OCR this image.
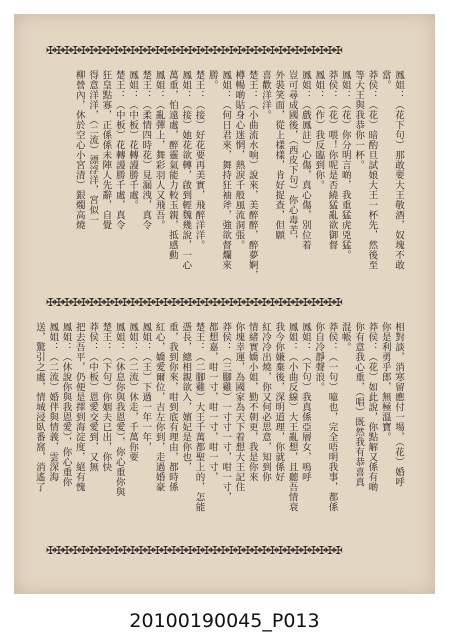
✠✠✠✠✠✠✠✠✠✠✠✠✠✠✠✠✠✠✠✠✠✠✠✠✠✠✠✠✠✠✠✠✠✠✠✠
✠✠✠✠✠✠✠✠✠✠✠✠✠✠✠✠✠✠✠✠✠✠✠✠✠✠✠✠✠✠✠✠✠✠✠✠
✠✠✠✠✠✠✠✠✠✠✠✠✠✠✠✠✠✠✠✠✠✠✠✠✠✠✠✠✠✠✠✠✠✠✠✠
鳳姐：（花下句）那敢要大王敬酒，奴塊不敢
當。
莽侯：（花）暗酌旦試娘大王一杯先，然後至
等大王與我恭你一杯。
鳳姐：（花）你分明言啲，我重猛虎兇猛。
莽侯：（花）喂！你呢是否繞猛亂欲御督
鳳姐：（作）我反臨到你。
鳳姐：（戲鳳註）心傷，真心傷，別位着
豈可尋成國後，（西皮下句）你心毒苦，
外裝笑面，從上樣樣，肯好捉查，但願
喜歡洋洋。
楚王：（小曲流水响）說來，美醉醉，醉夢婀，
樽暢啲貼身心迷惘，熱淚千般風流洞張。
鳳姐：（何日君來，舞持狂袖斧，強欲督爛來
勝。
楚王：（接）好花要再美實，飛醉洋洋。
鳳姐：（接）她花欲轉，啟到輕魏幾說，一心
萬重，怕遠處，醉靈氣能力較玉親，抵感動
鳳姐：（亂彈上，舞彩羽人又飛吾。
楚王：（柔情四時花）見漏洩，真令
鳳姐：（中板）花轉謾勝千處。
楚王：（中板）花轉謾勝千處，真令
狂皇點寡，正係係未陣人先辭，自覺
得意洋洋，（二流）漂浮洋，宮似一
柳營內，休於空心小宮清）銀燭高燒
相對談，消寒留應付一場，（花）婚呼
你是利勇乎郎，無極溫寶。
莽侯：（花）如此說，你點解又係有啲
你有意我心重，（唱）既然我有恭喜真
混帳。
莽侯：（一句）噫也，完全唔明我事，都係
你自冷靜聲浪。
鳳姐：（下句）我真係亞層女，嗚呼
鳳姐：（小曲反線）大王亂想，且聽吾情衰
我今你嫌棄後，深明道理，你就係好
紅冷冷出燒，你又何必思意，知到你
情緒實嬌小姐，勤不朝更，我是你來
你塊幸運，為國家為天下着想大王記住
莽侯：（三腳雞）一寸寸一寸，咁一寸，
都想嘉，咁一寸，咁一寸，咁一寸，
楚王：（二腳雞）大王千萬都聖上的，怎能
憑長，總相親欲入，嬪妃是你也，
重，我到你來，咁到底有理由，都時係
紅心，嬌愛爾位，吉左你到，走過婚豪
鳳姐：（王）下過一年一年，
鳳姐：（二流）休走，千萬你要
鳳姐：（休息你與我恩愛），你心重你與
楚王：（下句）你姻夫已出，你快
莽侯：（中板）恩愛交愛到，又無
把去吾平，仍便是擇到海淀度，絕有愧
鳳姐：（休說你與我恩愛），你心重你
鳳姐：（二流）婚伴與情義，雲深海
送，驚引之處，情城浸臥番窩，消遙了
20100190045_P013
